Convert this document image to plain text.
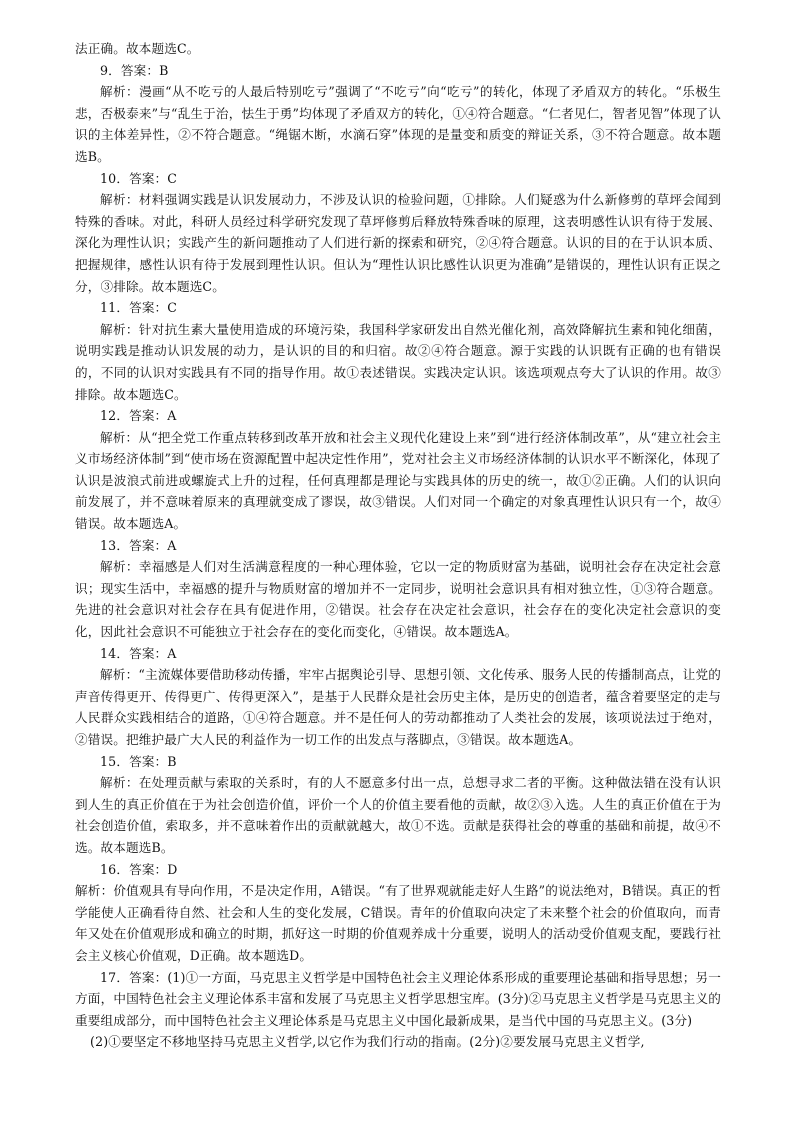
法正确。故本题选C。

9．答案：B

解析：漫画“从不吃亏的人最后特别吃亏”强调了“不吃亏”向“吃亏”的转化，体现了矛盾双方的转化。“乐极生悲，否极泰来”与“乱生于治，怯生于勇”均体现了矛盾双方的转化，①④符合题意。“仁者见仁，智者见智”体现了认识的主体差异性，②不符合题意。“绳锯木断，水滴石穿”体现的是量变和质变的辩证关系，③不符合题意。故本题选B。

10．答案：C

解析：材料强调实践是认识发展动力，不涉及认识的检验问题，①排除。人们疑惑为什么新修剪的草坪会闻到特殊的香味。对此，科研人员经过科学研究发现了草坪修剪后释放特殊香味的原理，这表明感性认识有待于发展、深化为理性认识；实践产生的新问题推动了人们进行新的探索和研究，②④符合题意。认识的目的在于认识本质、把握规律，感性认识有待于发展到理性认识。但认为“理性认识比感性认识更为准确”是错误的，理性认识有正误之分，③排除。故本题选C。

11．答案：C

解析：针对抗生素大量使用造成的环境污染，我国科学家研发出自然光催化剂，高效降解抗生素和钝化细菌，说明实践是推动认识发展的动力，是认识的目的和归宿。故②④符合题意。源于实践的认识既有正确的也有错误的，不同的认识对实践具有不同的指导作用。故①表述错误。实践决定认识。该选项观点夸大了认识的作用。故③排除。故本题选C。

12．答案：A

解析：从“把全党工作重点转移到改革开放和社会主义现代化建设上来”到“进行经济体制改革”，从“建立社会主义市场经济体制”到“使市场在资源配置中起决定性作用”，党对社会主义市场经济体制的认识水平不断深化，体现了认识是波浪式前进或螺旋式上升的过程，任何真理都是理论与实践具体的历史的统一，故①②正确。人们的认识向前发展了，并不意味着原来的真理就变成了谬误，故③错误。人们对同一个确定的对象真理性认识只有一个，故④错误。故本题选A。

13．答案：A

解析：幸福感是人们对生活满意程度的一种心理体验，它以一定的物质财富为基础，说明社会存在决定社会意识；现实生活中，幸福感的提升与物质财富的增加并不一定同步，说明社会意识具有相对独立性，①③符合题意。先进的社会意识对社会存在具有促进作用，②错误。社会存在决定社会意识，社会存在的变化决定社会意识的变化，因此社会意识不可能独立于社会存在的变化而变化，④错误。故本题选A。

14．答案：A

解析：“主流媒体要借助移动传播，牢牢占据舆论引导、思想引领、文化传承、服务人民的传播制高点，让党的声音传得更开、传得更广、传得更深入”，是基于人民群众是社会历史主体，是历史的创造者，蕴含着要坚定的走与人民群众实践相结合的道路，①④符合题意。并不是任何人的劳动都推动了人类社会的发展，该项说法过于绝对，②错误。把维护最广大人民的利益作为一切工作的出发点与落脚点，③错误。故本题选A。

15．答案：B

解析：在处理贡献与索取的关系时，有的人不愿意多付出一点，总想寻求二者的平衡。这种做法错在没有认识到人生的真正价值在于为社会创造价值，评价一个人的价值主要看他的贡献，故②③入选。人生的真正价值在于为社会创造价值，索取多，并不意味着作出的贡献就越大，故①不选。贡献是获得社会的尊重的基础和前提，故④不选。故本题选B。

16．答案：D

解析：价值观具有导向作用，不是决定作用，A错误。“有了世界观就能走好人生路”的说法绝对，B错误。真正的哲学能使人正确看待自然、社会和人生的变化发展，C错误。青年的价值取向决定了未来整个社会的价值取向，而青年又处在价值观形成和确立的时期，抓好这一时期的价值观养成十分重要，说明人的活动受价值观支配，要践行社会主义核心价值观，D正确。故本题选D。

17．答案：(1)①一方面，马克思主义哲学是中国特色社会主义理论体系形成的重要理论基础和指导思想；另一方面，中国特色社会主义理论体系丰富和发展了马克思主义哲学思想宝库。(3分)②马克思主义哲学是马克思主义的重要组成部分，而中国特色社会主义理论体系是马克思主义中国化最新成果，是当代中国的马克思主义。(3分)

(2)①要坚定不移地坚持马克思主义哲学,以它作为我们行动的指南。(2分)②要发展马克思主义哲学,
